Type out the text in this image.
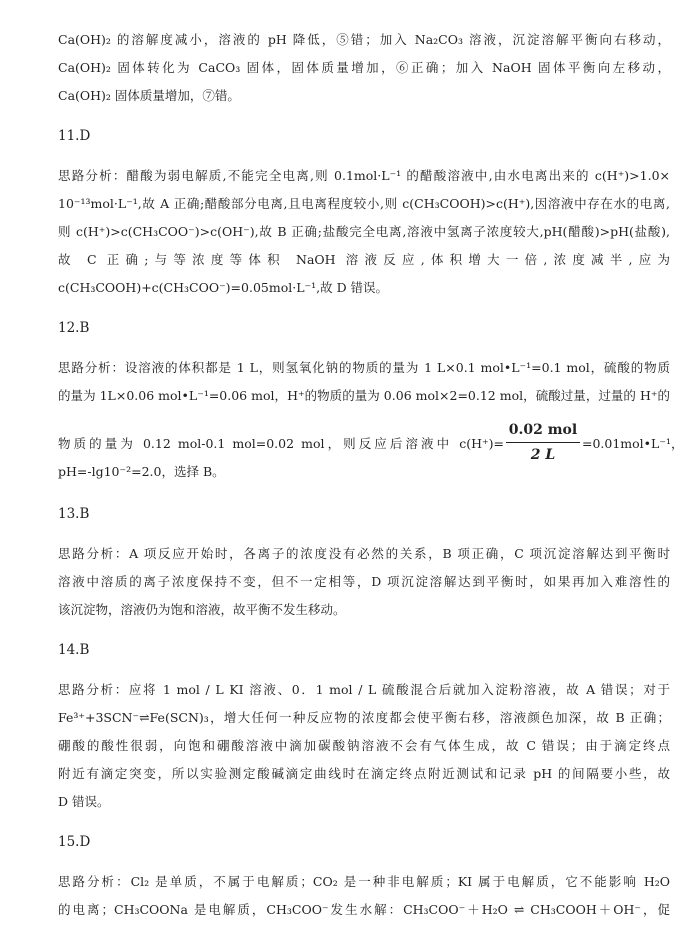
Ca(OH)₂ 的溶解度减小，溶液的 pH 降低，⑤错；加入 Na₂CO₃ 溶液，沉淀溶解平衡向右移动，
Ca(OH)₂ 固体转化为 CaCO₃ 固体，固体质量增加，⑥正确；加入 NaOH 固体平衡向左移动，
Ca(OH)₂ 固体质量增加，⑦错。
11.D
思路分析：醋酸为弱电解质,不能完全电离,则 0.1mol·L⁻¹ 的醋酸溶液中,由水电离出来的 c(H⁺)>1.0×
10⁻¹³mol·L⁻¹,故 A 正确;醋酸部分电离,且电离程度较小,则 c(CH₃COOH)>c(H⁺),因溶液中存在水的电离,
则 c(H⁺)>c(CH₃COO⁻)>c(OH⁻),故 B 正确;盐酸完全电离,溶液中氢离子浓度较大,pH(醋酸)>pH(盐酸),
故 C 正确;与等浓度等体积 NaOH 溶液反应,体积增大一倍,浓度减半,应为
c(CH₃COOH)+c(CH₃COO⁻)=0.05mol·L⁻¹,故 D 错误。
12.B
思路分析：设溶液的体积都是 1 L，则氢氧化钠的物质的量为 1 L×0.1 mol•L⁻¹=0.1 mol，硫酸的物质
的量为 1L×0.06 mol•L⁻¹=0.06 mol，H⁺的物质的量为 0.06 mol×2=0.12 mol，硫酸过量，过量的 H⁺的
物质的量为 0.12 mol-0.1 mol=0.02 mol，则反应后溶液中 c(H⁺)=
0.02 mol
2 L
=0.01mol•L⁻¹，
pH=-lg10⁻²=2.0，选择 B。
13.B
思路分析：A 项反应开始时，各离子的浓度没有必然的关系，B 项正确，C 项沉淀溶解达到平衡时
溶液中溶质的离子浓度保持不变，但不一定相等，D 项沉淀溶解达到平衡时，如果再加入难溶性的
该沉淀物，溶液仍为饱和溶液，故平衡不发生移动。
14.B
思路分析：应将 1 mol / L KI 溶液、0．1 mol / L 硫酸混合后就加入淀粉溶液，故 A 错误；对于
Fe³⁺+3SCN⁻⇌Fe(SCN)₃，增大任何一种反应物的浓度都会使平衡右移，溶液颜色加深，故 B 正确；
硼酸的酸性很弱，向饱和硼酸溶液中滴加碳酸钠溶液不会有气体生成，故 C 错误；由于滴定终点
附近有滴定突变，所以实验测定酸碱滴定曲线时在滴定终点附近测试和记录 pH 的间隔要小些，故
D 错误。
15.D
思路分析：Cl₂ 是单质，不属于电解质；CO₂ 是一种非电解质；KI 属于电解质，它不能影响 H₂O
的电离；CH₃COONa 是电解质，CH₃COO⁻发生水解：CH₃COO⁻＋H₂O ⇌ CH₃COOH＋OH⁻，促
